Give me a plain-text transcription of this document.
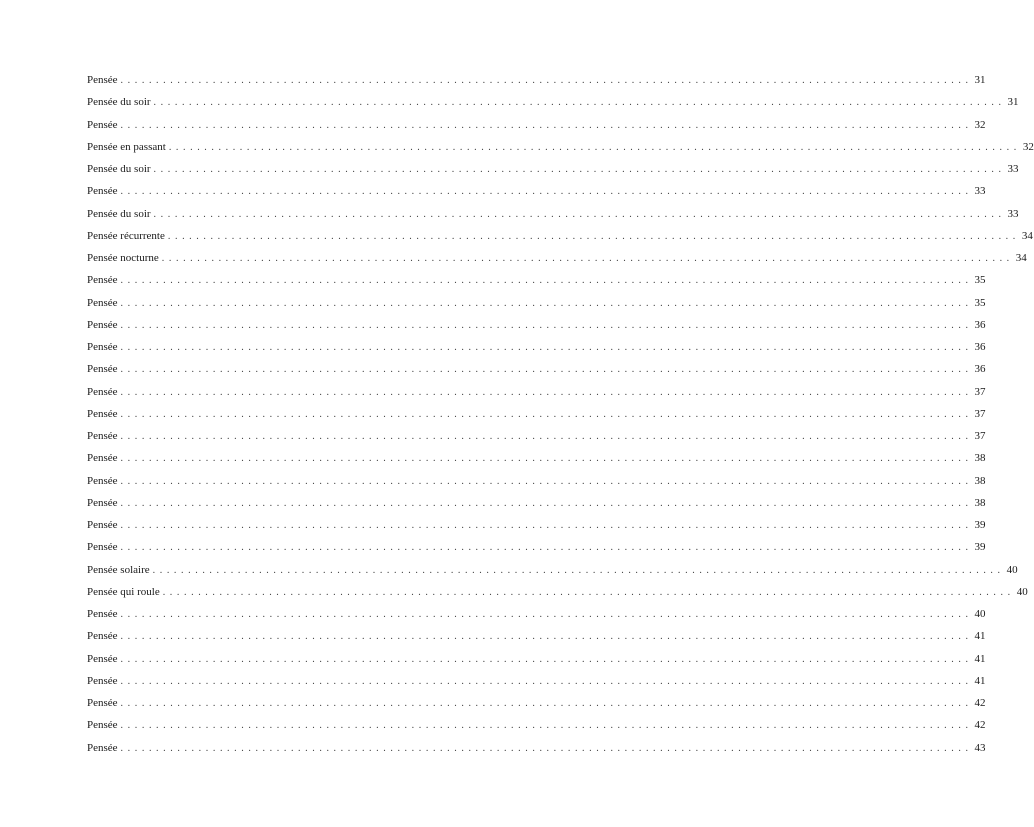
Pensée ........................................................................................................................ 31
Pensée du soir ........................................................................................................................ 31
Pensée ........................................................................................................................ 32
Pensée en passant ........................................................................................................................ 32
Pensée du soir ........................................................................................................................ 33
Pensée ........................................................................................................................ 33
Pensée du soir ........................................................................................................................ 33
Pensée récurrente ........................................................................................................................ 34
Pensée nocturne ........................................................................................................................ 34
Pensée ........................................................................................................................ 35
Pensée ........................................................................................................................ 35
Pensée ........................................................................................................................ 36
Pensée ........................................................................................................................ 36
Pensée ........................................................................................................................ 36
Pensée ........................................................................................................................ 37
Pensée ........................................................................................................................ 37
Pensée ........................................................................................................................ 37
Pensée ........................................................................................................................ 38
Pensée ........................................................................................................................ 38
Pensée ........................................................................................................................ 38
Pensée ........................................................................................................................ 39
Pensée ........................................................................................................................ 39
Pensée solaire ........................................................................................................................ 40
Pensée qui roule ........................................................................................................................ 40
Pensée ........................................................................................................................ 40
Pensée ........................................................................................................................ 41
Pensée ........................................................................................................................ 41
Pensée ........................................................................................................................ 41
Pensée ........................................................................................................................ 42
Pensée ........................................................................................................................ 42
Pensée ........................................................................................................................ 43
